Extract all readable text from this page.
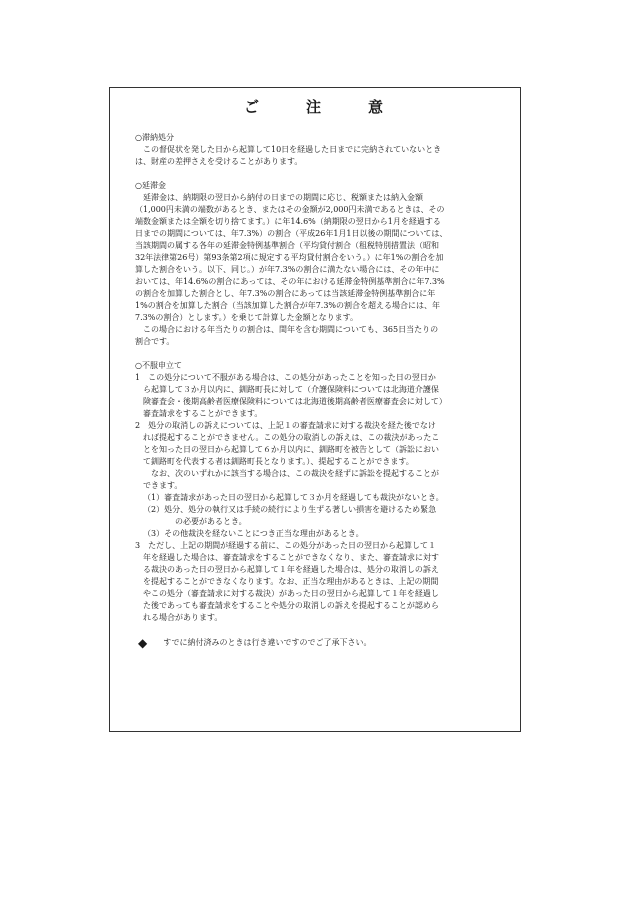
ご　注　意
○滞納処分
この督促状を発した日から起算して10日を経過した日までに完納されていないとき
は、財産の差押さえを受けることがあります。
○延滞金
延滞金は、納期限の翌日から納付の日までの期間に応じ、税額または納入金額
（1,000円未満の端数があるとき、またはその金額が2,000円未満であるときは、その
端数金額または全額を切り捨てます。）に年14.6%（納期限の翌日から1月を経過する
日までの期間については、年7.3%）の割合（平成26年1月1日以後の期間については、
当該期間の属する各年の延滞金特例基準割合（平均貸付割合（租税特別措置法（昭和
32年法律第26号）第93条第2項に規定する平均貸付割合をいう。）に年1%の割合を加
算した割合をいう。以下、同じ。）が年7.3%の割合に満たない場合には、その年中に
おいては、年14.6%の割合にあっては、その年における延滞金特例基準割合に年7.3%
の割合を加算した割合とし、年7.3%の割合にあっては当該延滞金特例基準割合に年
1%の割合を加算した割合（当該加算した割合が年7.3%の割合を超える場合には、年
7.3%の割合）とします。）を乗じて計算した金額となります。
この場合における年当たりの割合は、閏年を含む期間についても、365日当たりの
割合です。
○不服申立て
1　この処分について不服がある場合は、この処分があったことを知った日の翌日か
ら起算して３か月以内に、釧路町長に対して（介護保険料については北海道介護保
険審査会・後期高齢者医療保険料については北海道後期高齢者医療審査会に対して）
審査請求をすることができます。
2　処分の取消しの訴えについては、上記１の審査請求に対する裁決を経た後でなけ
れば提起することができません。この処分の取消しの訴えは、この裁決があったこ
とを知った日の翌日から起算して６か月以内に、釧路町を被告として（訴訟におい
て釧路町を代表する者は釧路町長となります。）、提起することができます。
なお、次のいずれかに該当する場合は、この裁決を経ずに訴訟を提起することが
できます。
（1）審査請求があった日の翌日から起算して３か月を経過しても裁決がないとき。
（2）処分、処分の執行又は手続の続行により生ずる著しい損害を避けるため緊急
の必要があるとき。
（3）その他裁決を経ないことにつき正当な理由があるとき。
3　ただし、上記の期間が経過する前に、この処分があった日の翌日から起算して１
年を経過した場合は、審査請求をすることができなくなり、また、審査請求に対す
る裁決のあった日の翌日から起算して１年を経過した場合は、処分の取消しの訴え
を提起することができなくなります。なお、正当な理由があるときは、上記の期間
やこの処分（審査請求に対する裁決）があった日の翌日から起算して１年を経過し
た後であっても審査請求をすることや処分の取消しの訴えを提起することが認めら
れる場合があります。
◆ すでに納付済みのときは行き違いですのでご了承下さい。
